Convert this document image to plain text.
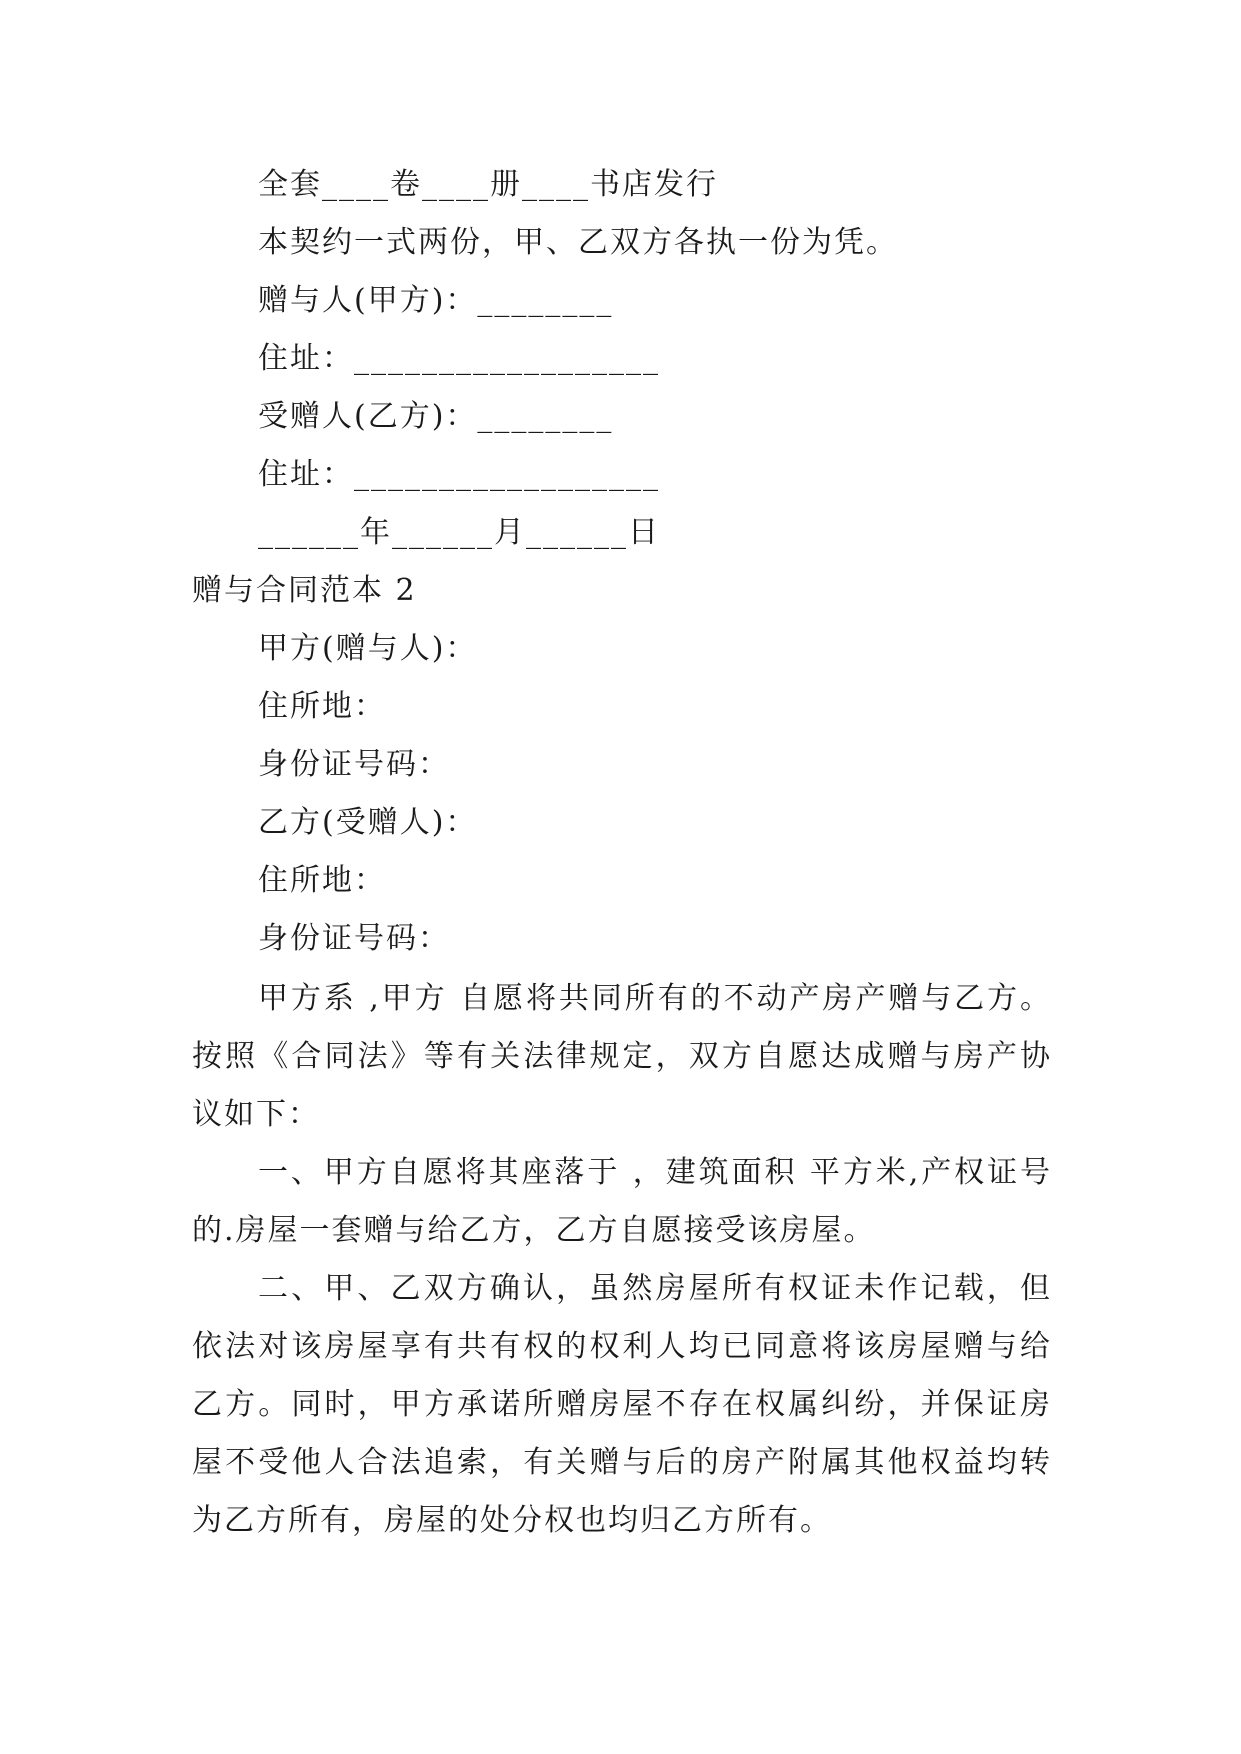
全套____卷____册____书店发行
本契约一式两份，甲、乙双方各执一份为凭。
赠与人(甲方)：________
住址：__________________
受赠人(乙方)：________
住址：__________________
______年______月______日
赠与合同范本 2
甲方(赠与人)：
住所地：
身份证号码：
乙方(受赠人)：
住所地：
身份证号码：
甲方系 ,甲方 自愿将共同所有的不动产房产赠与乙方。按照《合同法》等有关法律规定，双方自愿达成赠与房产协议如下：
一、甲方自愿将其座落于 ，建筑面积 平方米,产权证号 的.房屋一套赠与给乙方，乙方自愿接受该房屋。
二、甲、乙双方确认，虽然房屋所有权证未作记载，但依法对该房屋享有共有权的权利人均已同意将该房屋赠与给乙方。同时，甲方承诺所赠房屋不存在权属纠纷，并保证房屋不受他人合法追索，有关赠与后的房产附属其他权益均转为乙方所有，房屋的处分权也均归乙方所有。
